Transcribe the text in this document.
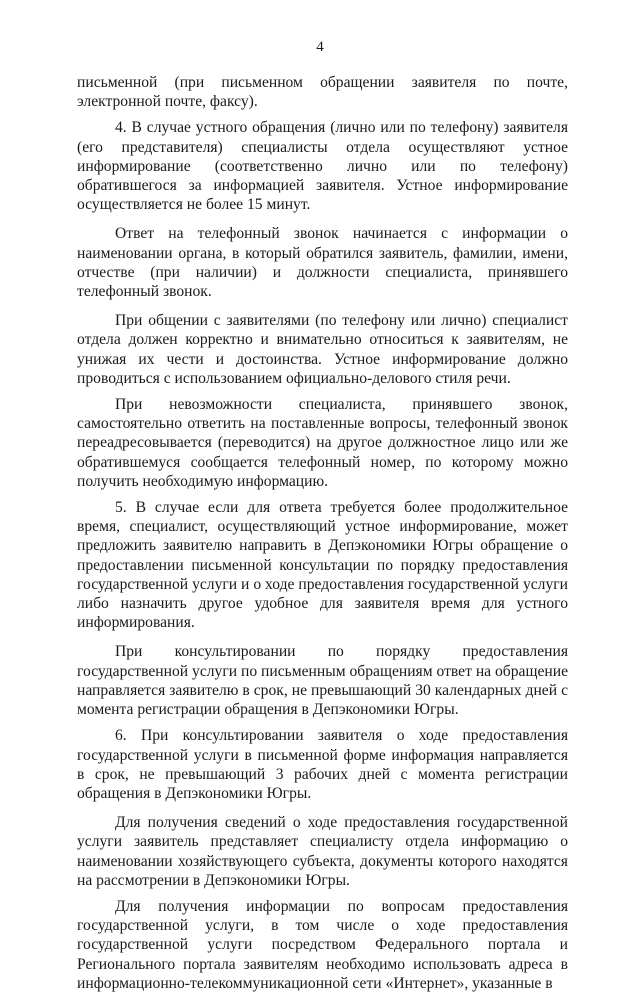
4

письменной (при письменном обращении заявителя по почте, электронной почте, факсу).

4. В случае устного обращения (лично или по телефону) заявителя (его представителя) специалисты отдела осуществляют устное информирование (соответственно лично или по телефону) обратившегося за информацией заявителя. Устное информирование осуществляется не более 15 минут.

Ответ на телефонный звонок начинается с информации о наименовании органа, в который обратился заявитель, фамилии, имени, отчестве (при наличии) и должности специалиста, принявшего телефонный звонок.

При общении с заявителями (по телефону или лично) специалист отдела должен корректно и внимательно относиться к заявителям, не унижая их чести и достоинства. Устное информирование должно проводиться с использованием официально-делового стиля речи.

При невозможности специалиста, принявшего звонок, самостоятельно ответить на поставленные вопросы, телефонный звонок переадресовывается (переводится) на другое должностное лицо или же обратившемуся сообщается телефонный номер, по которому можно получить необходимую информацию.

5. В случае если для ответа требуется более продолжительное время, специалист, осуществляющий устное информирование, может предложить заявителю направить в Депэкономики Югры обращение о предоставлении письменной консультации по порядку предоставления государственной услуги и о ходе предоставления государственной услуги либо назначить другое удобное для заявителя время для устного информирования.

При консультировании по порядку предоставления государственной услуги по письменным обращениям ответ на обращение направляется заявителю в срок, не превышающий 30 календарных дней с момента регистрации обращения в Депэкономики Югры.

6. При консультировании заявителя о ходе предоставления государственной услуги в письменной форме информация направляется в срок, не превышающий 3 рабочих дней с момента регистрации обращения в Депэкономики Югры.

Для получения сведений о ходе предоставления государственной услуги заявитель представляет специалисту отдела информацию о наименовании хозяйствующего субъекта, документы которого находятся на рассмотрении в Депэкономики Югры.

Для получения информации по вопросам предоставления государственной услуги, в том числе о ходе предоставления государственной услуги посредством Федерального портала и Регионального портала заявителям необходимо использовать адреса в информационно-телекоммуникационной сети «Интернет», указанные в
